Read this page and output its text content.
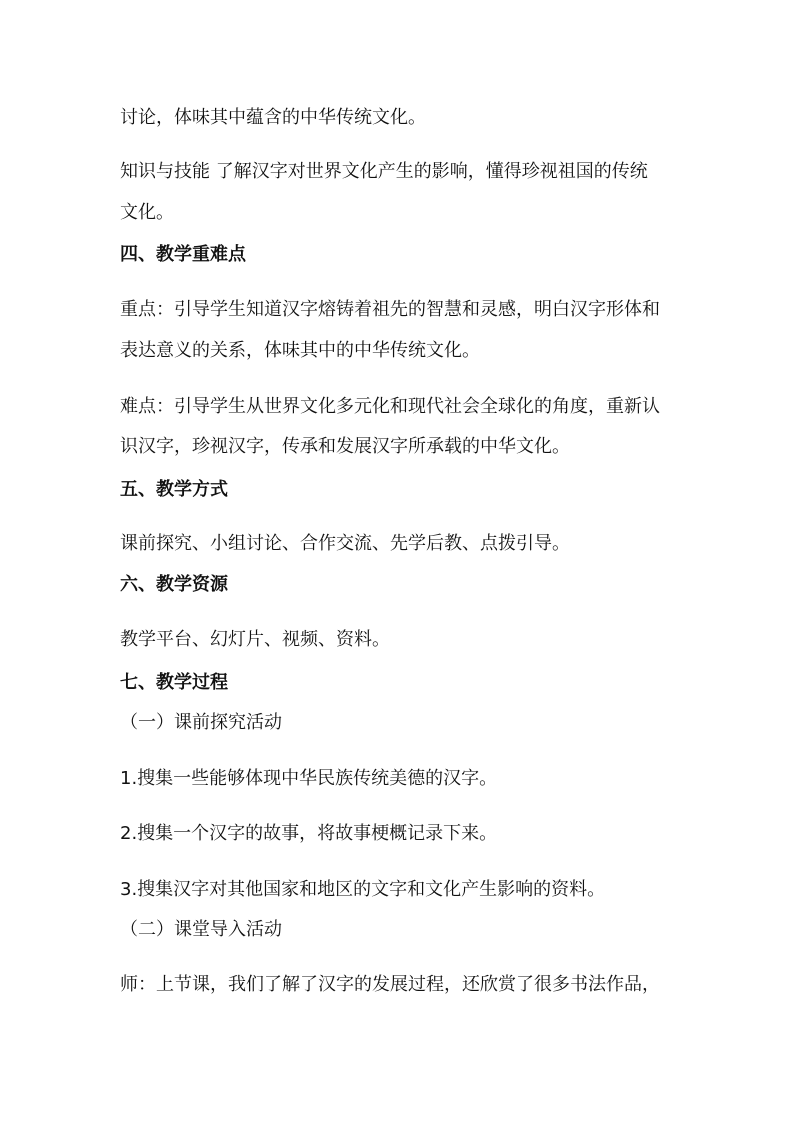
讨论，体味其中蕴含的中华传统文化。

知识与技能 了解汉字对世界文化产生的影响，懂得珍视祖国的传统

文化。

四、教学重难点

重点：引导学生知道汉字熔铸着祖先的智慧和灵感，明白汉字形体和

表达意义的关系，体味其中的中华传统文化。

难点：引导学生从世界文化多元化和现代社会全球化的角度，重新认

识汉字，珍视汉字，传承和发展汉字所承载的中华文化。

五、教学方式

课前探究、小组讨论、合作交流、先学后教、点拨引导。

六、教学资源

教学平台、幻灯片、视频、资料。

七、教学过程

（一）课前探究活动

1.搜集一些能够体现中华民族传统美德的汉字。

2.搜集一个汉字的故事，将故事梗概记录下来。

3.搜集汉字对其他国家和地区的文字和文化产生影响的资料。

（二）课堂导入活动

师：上节课，我们了解了汉字的发展过程，还欣赏了很多书法作品，
